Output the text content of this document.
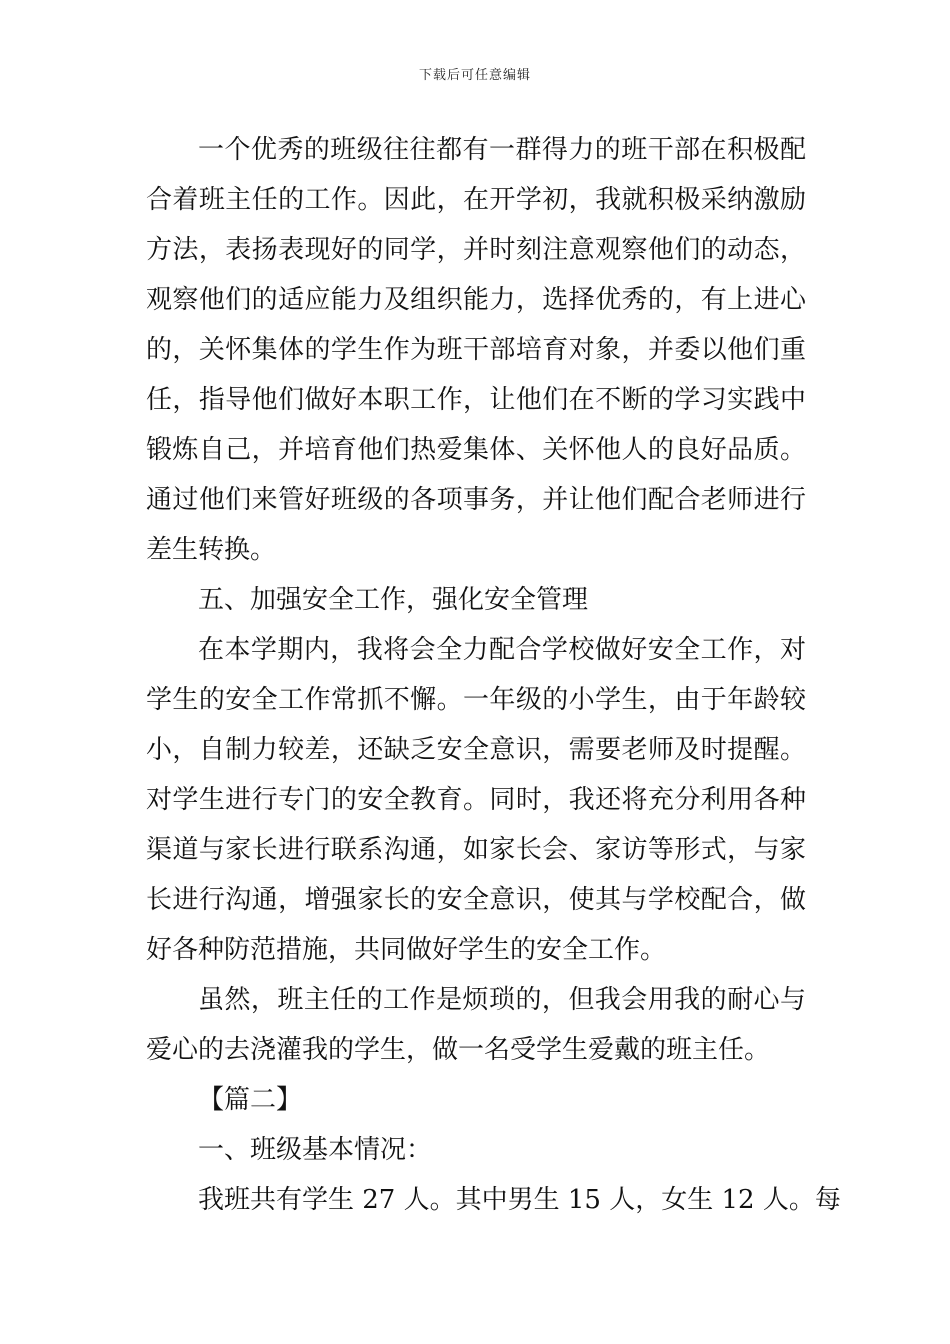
下载后可任意编辑
一个优秀的班级往往都有一群得力的班干部在积极配
合着班主任的工作。因此，在开学初，我就积极采纳激励
方法，表扬表现好的同学，并时刻注意观察他们的动态，
观察他们的适应能力及组织能力，选择优秀的，有上进心
的，关怀集体的学生作为班干部培育对象，并委以他们重
任，指导他们做好本职工作，让他们在不断的学习实践中
锻炼自己，并培育他们热爱集体、关怀他人的良好品质。
通过他们来管好班级的各项事务，并让他们配合老师进行
差生转换。
五、加强安全工作，强化安全管理
在本学期内，我将会全力配合学校做好安全工作，对
学生的安全工作常抓不懈。一年级的小学生，由于年龄较
小，自制力较差，还缺乏安全意识，需要老师及时提醒。
对学生进行专门的安全教育。同时，我还将充分利用各种
渠道与家长进行联系沟通，如家长会、家访等形式，与家
长进行沟通，增强家长的安全意识，使其与学校配合，做
好各种防范措施，共同做好学生的安全工作。
虽然，班主任的工作是烦琐的，但我会用我的耐心与
爱心的去浇灌我的学生，做一名受学生爱戴的班主任。
【篇二】
一、班级基本情况：
我班共有学生 27 人。其中男生 15 人，女生 12 人。每
